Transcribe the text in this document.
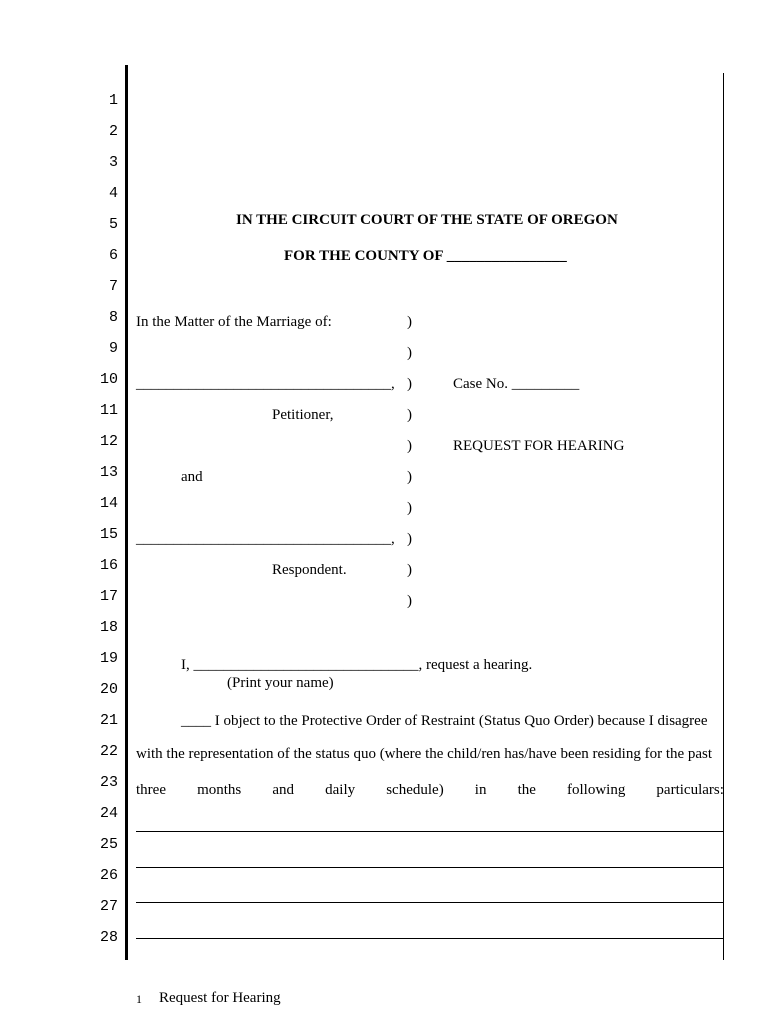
1
2
3
4
5
6
7
8
9
10
11
12
13
14
15
16
17
18
19
20
21
22
23
24
25
26
27
28
IN THE CIRCUIT COURT OF THE STATE OF OREGON
FOR THE COUNTY OF ________________
In the Matter of the Marriage of:
__________________________________,
Petitioner,
and
__________________________________,
Respondent.
)
)
)
)
)
)
)
)
)
)
Case No. _________
REQUEST FOR HEARING
I, ______________________________, request a hearing.
(Print your name)
____ I object to the Protective Order of Restraint (Status Quo Order) because I disagree
with the representation of the status quo (where the child/ren has/have been residing for the past
three months and daily schedule) in the following particulars:
1 Request for Hearing
